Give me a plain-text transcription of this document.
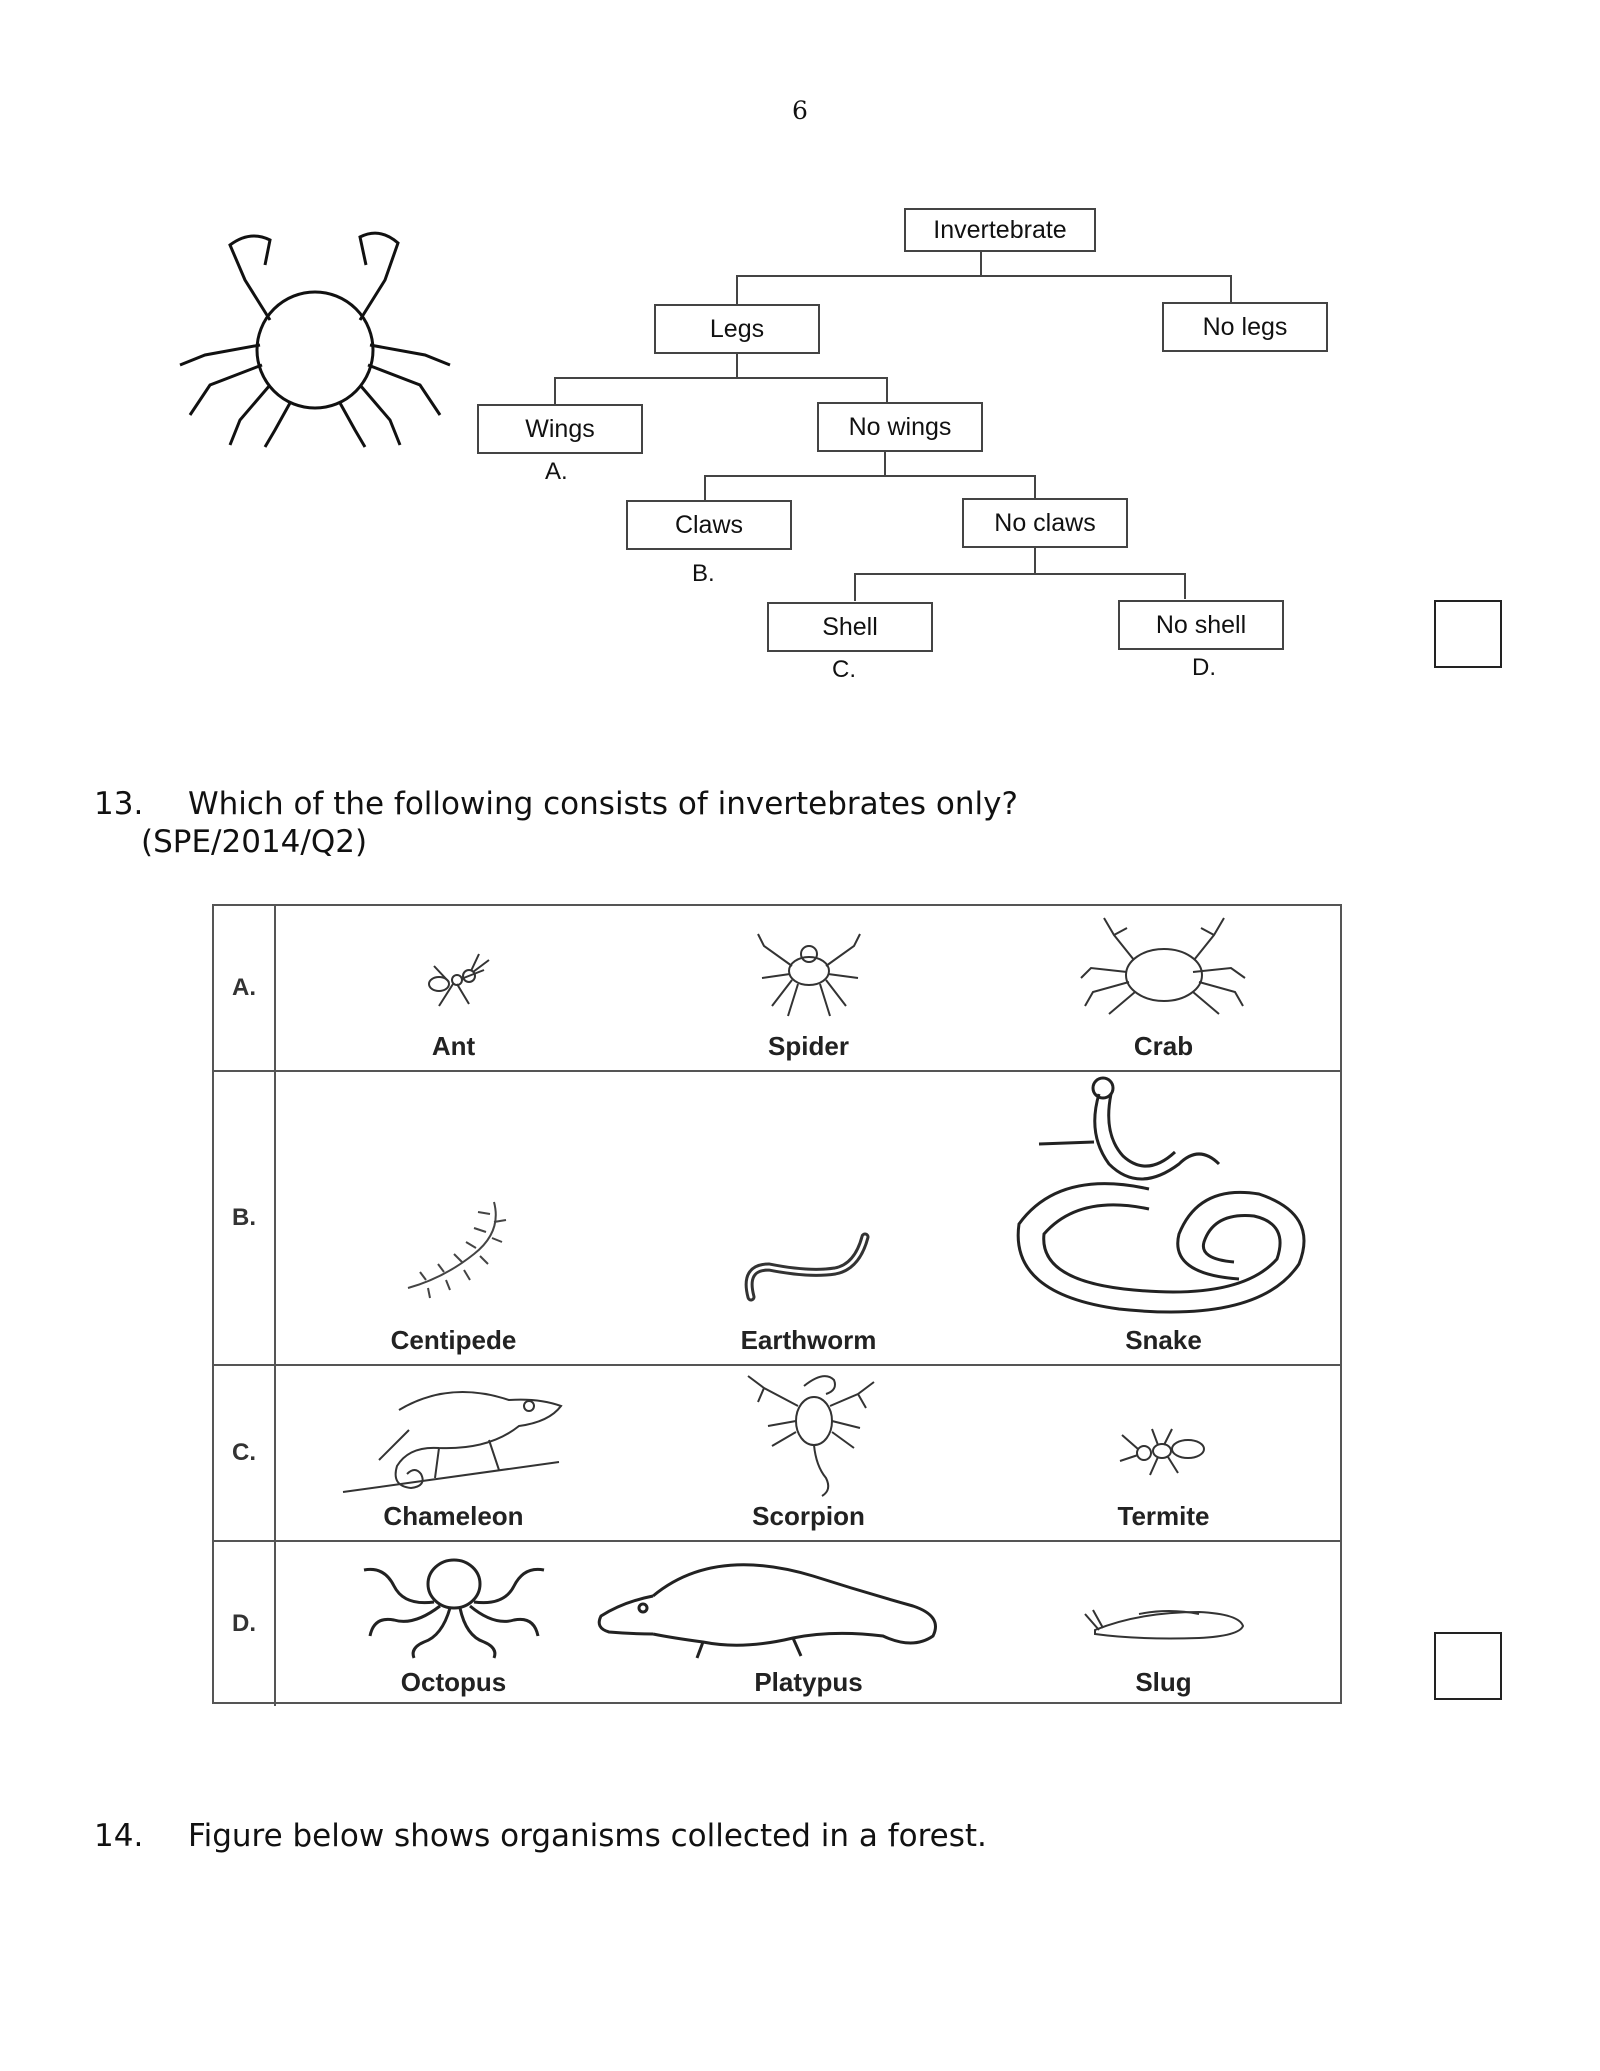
6
Invertebrate
Legs	No legs
Wings
A.
No wings
Claws
B.
No claws
Shell
C.
No shell
D.
13. Which of the following consists of invertebrates only?
(SPE/2014/Q2)
A.
Ant	Spider	Crab
B.
Centipede	Earthworm	Snake
C.
Chameleon	Scorpion	Termite
D.
Octopus	Platypus	Slug
14. Figure below shows organisms collected in a forest.
